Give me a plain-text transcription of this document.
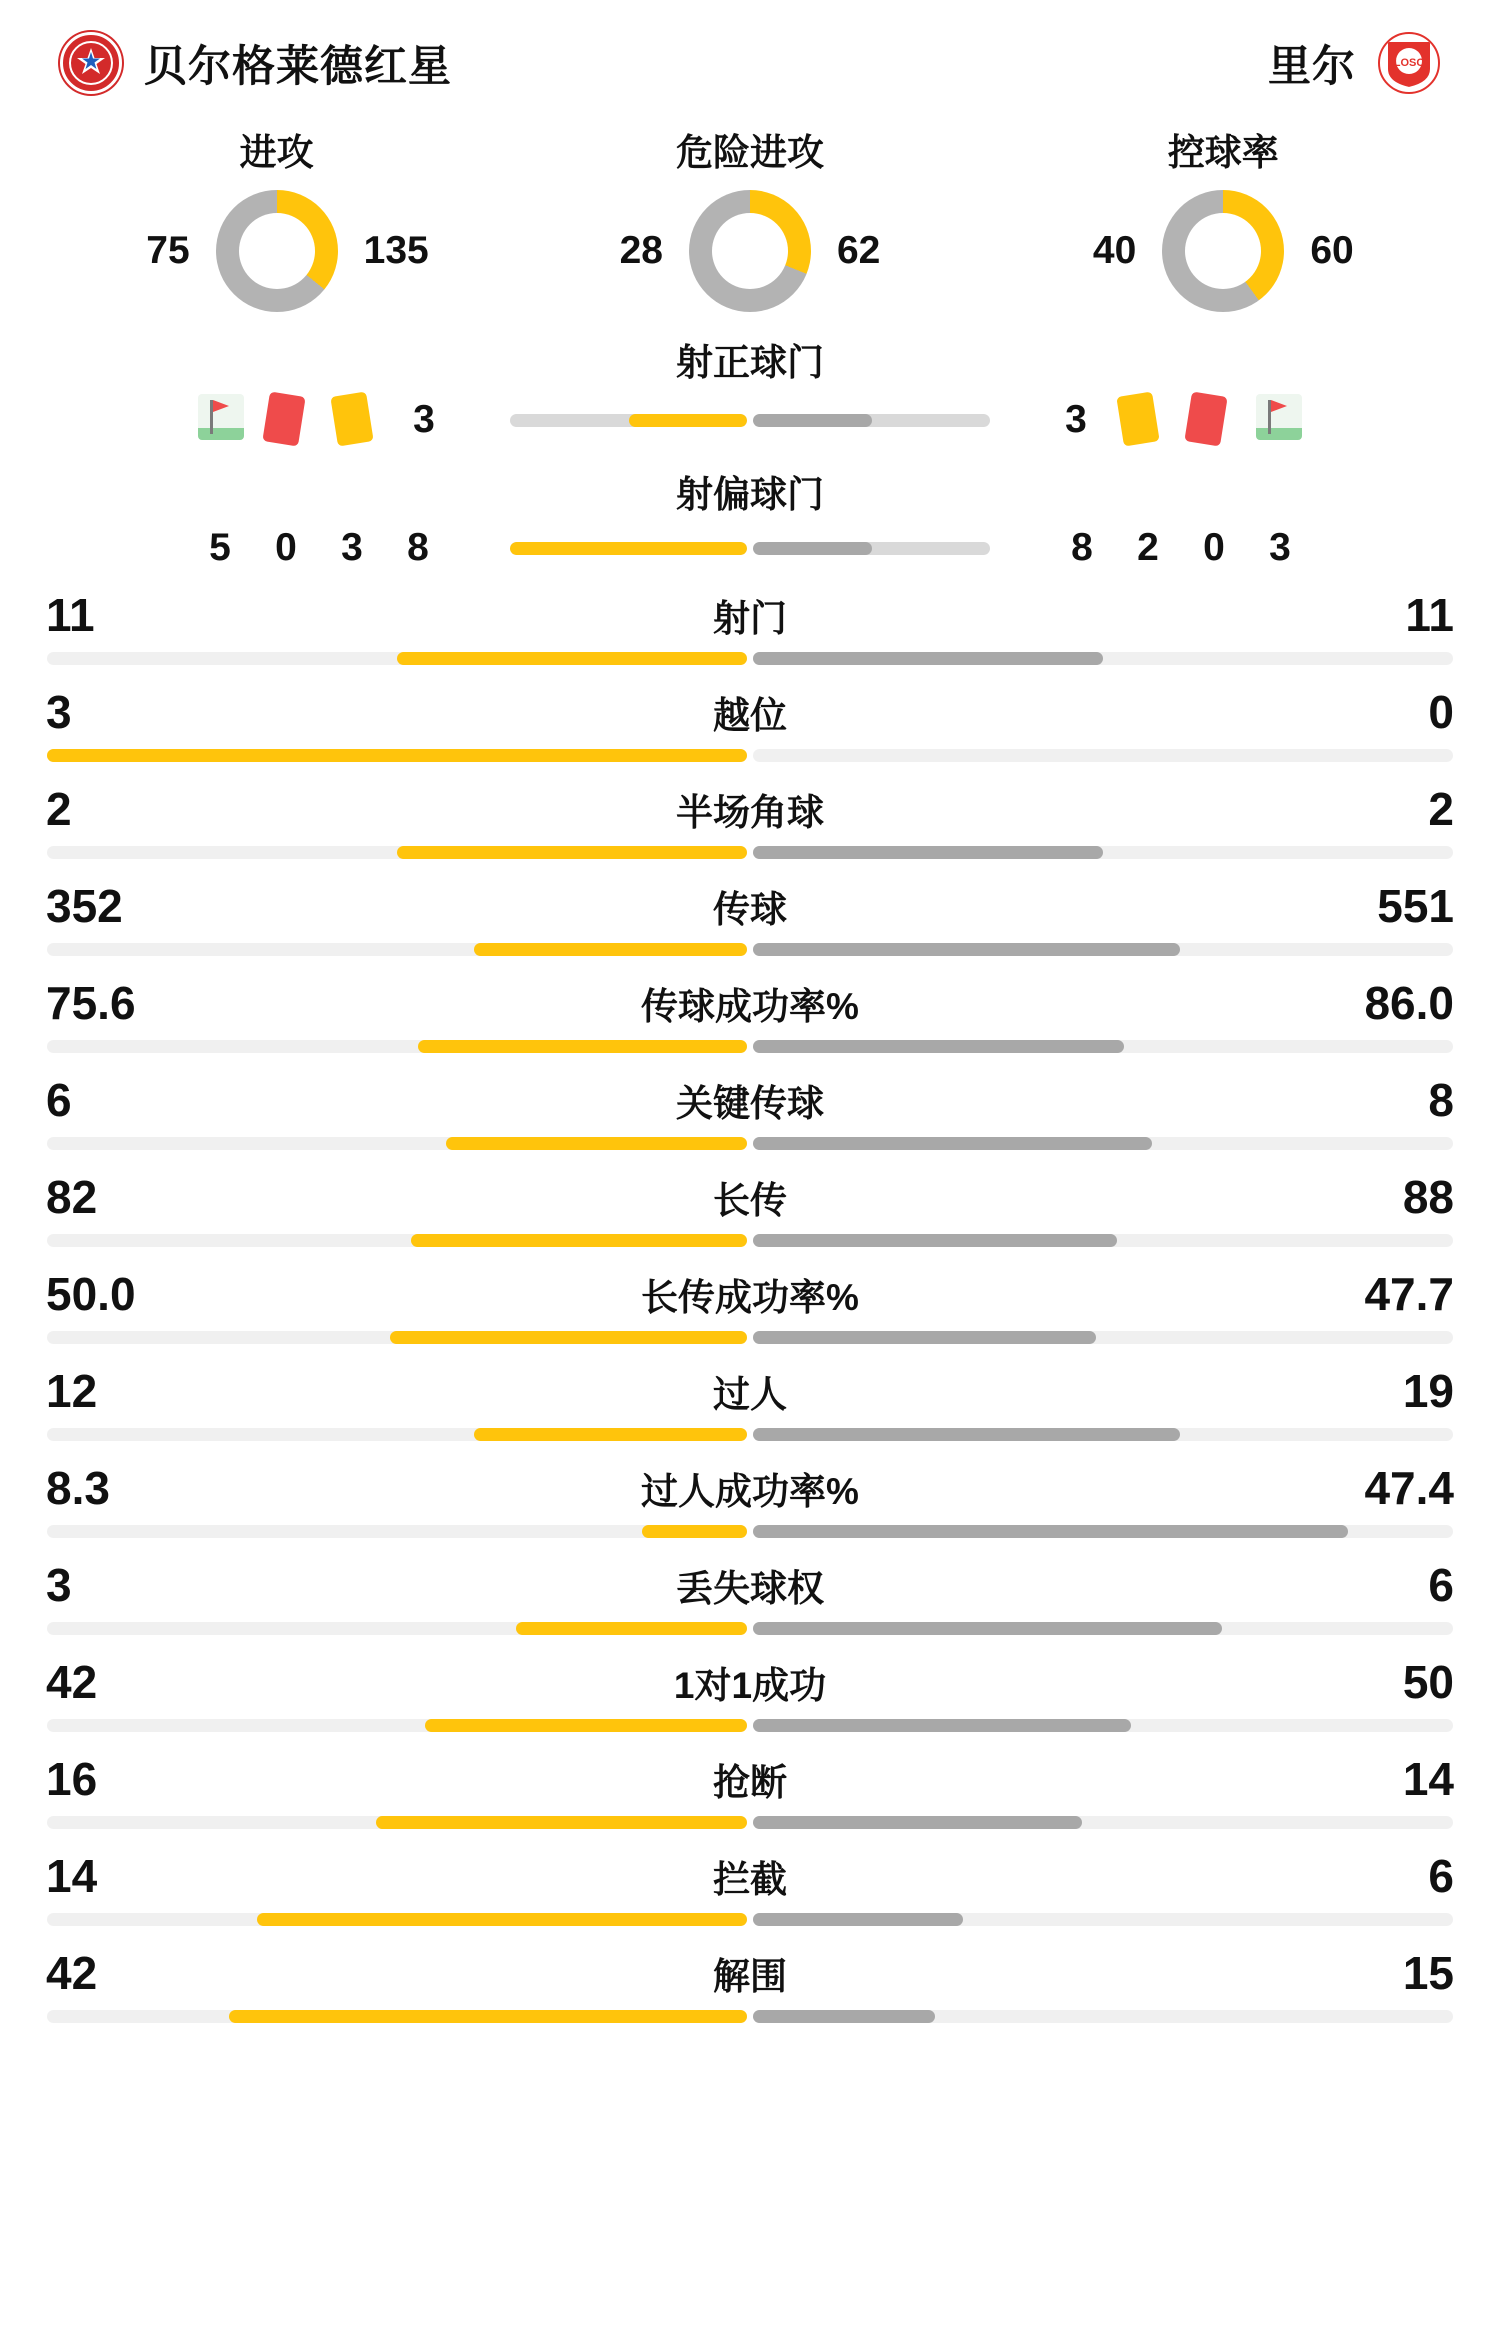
贝尔格莱德红星	里尔	LOSC
进攻
75	135
危险进攻
28	62
控球率
40	60
射正球门
3	3
射偏球门
5 0 3 8	8 2 0 3
11	射门	11
3	越位	0
2	半场角球	2
352	传球	551
75.6	传球成功率%	86.0
6	关键传球	8
82	长传	88
50.0	长传成功率%	47.7
12	过人	19
8.3	过人成功率%	47.4
3	丢失球权	6
42	1对1成功	50
16	抢断	14
14	拦截	6
42	解围	15
